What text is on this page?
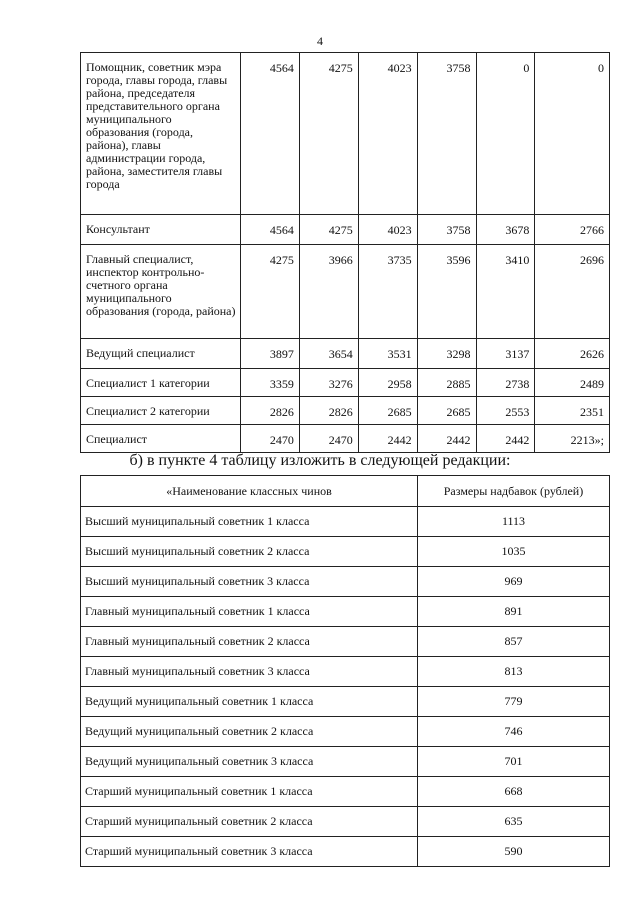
4
Помощник, советник мэра города, главы города, главы района, председателя представительного органа муниципального образования (города, района), главы администрации города, района, заместителя главы города	4564	4275	4023	3758	0	0
Консультант	4564	4275	4023	3758	3678	2766
Главный специалист, инспектор контрольно-счетного органа муниципального образования (города, района)	4275	3966	3735	3596	3410	2696
Ведущий специалист	3897	3654	3531	3298	3137	2626
Специалист 1 категории	3359	3276	2958	2885	2738	2489
Специалист 2 категории	2826	2826	2685	2685	2553	2351
Специалист	2470	2470	2442	2442	2442	2213»;
б) в пункте 4 таблицу изложить в следующей редакции:
«Наименование классных чинов	Размеры надбавок (рублей)
Высший муниципальный советник 1 класса	1113
Высший муниципальный советник 2 класса	1035
Высший муниципальный советник 3 класса	969
Главный муниципальный советник 1 класса	891
Главный муниципальный советник 2 класса	857
Главный муниципальный советник 3 класса	813
Ведущий муниципальный советник 1 класса	779
Ведущий муниципальный советник 2 класса	746
Ведущий муниципальный советник 3 класса	701
Старший муниципальный советник 1 класса	668
Старший муниципальный советник 2 класса	635
Старший муниципальный советник 3 класса	590
